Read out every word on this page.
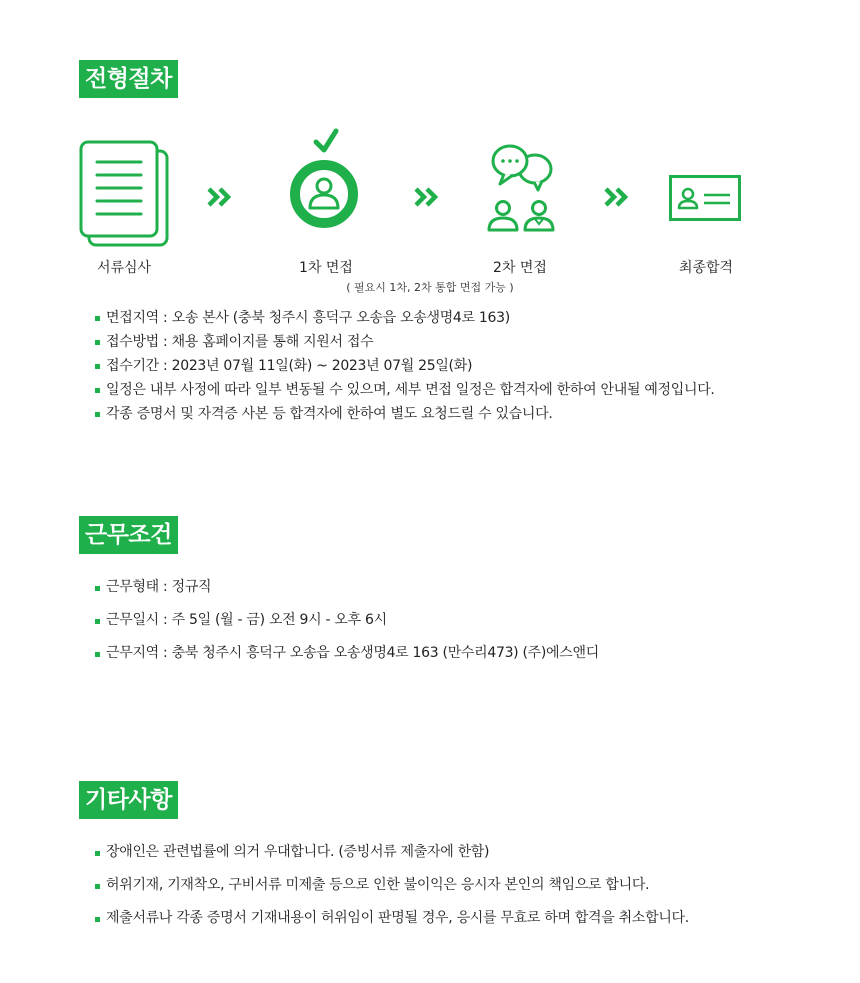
전형절차
서류심사	1차 면접	2차 면접	최종합격
( 필요시 1차, 2차 통합 면접 가능 )
면접지역 : 오송 본사 (충북 청주시 흥덕구 오송읍 오송생명4로 163)
접수방법 : 채용 홈페이지를 통해 지원서 접수
접수기간 : 2023년 07월 11일(화) ~ 2023년 07월 25일(화)
일정은 내부 사정에 따라 일부 변동될 수 있으며, 세부 면접 일정은 합격자에 한하여 안내될 예정입니다.
각종 증명서 및 자격증 사본 등 합격자에 한하여 별도 요청드릴 수 있습니다.
근무조건
근무형태 : 정규직
근무일시 : 주 5일 (월 - 금) 오전 9시 - 오후 6시
근무지역 : 충북 청주시 흥덕구 오송읍 오송생명4로 163 (만수리473) (주)에스앤디
기타사항
장애인은 관련법률에 의거 우대합니다. (증빙서류 제출자에 한함)
허위기재, 기재착오, 구비서류 미제출 등으로 인한 불이익은 응시자 본인의 책임으로 합니다.
제출서류나 각종 증명서 기재내용이 허위임이 판명될 경우, 응시를 무효로 하며 합격을 취소합니다.
